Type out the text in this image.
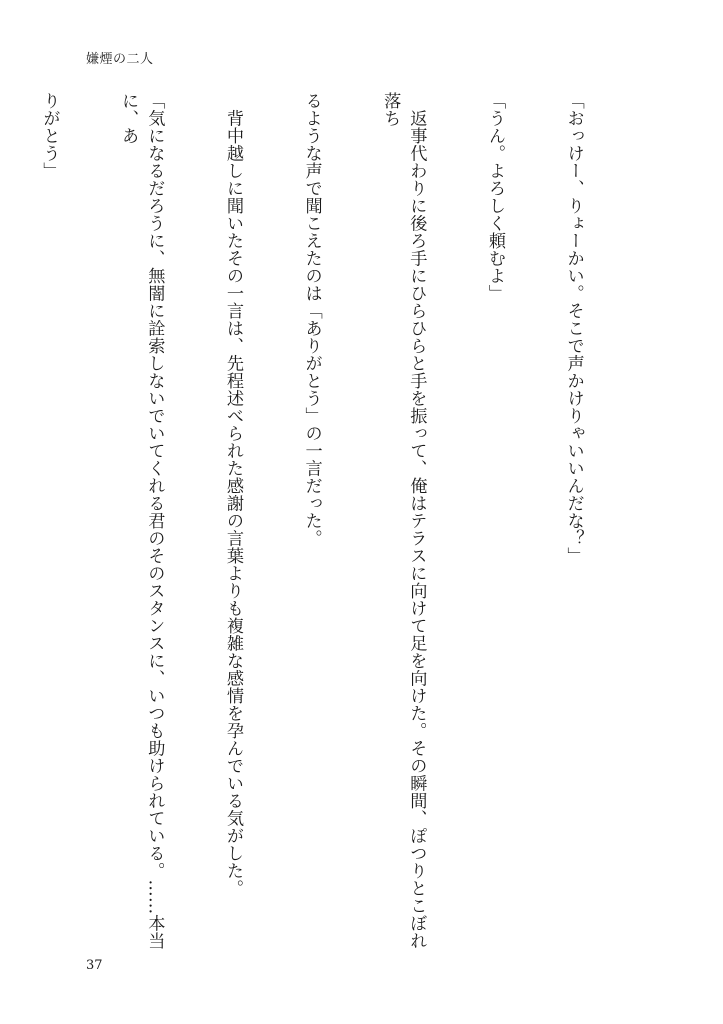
嫌煙の二人

「おっけー、りょーかい。そこで声かけりゃいいんだな？」

「うん。よろしく頼むよ」

　返事代わりに後ろ手にひらひらと手を振って、俺はテラスに向けて足を向けた。その瞬間、ぽつりとこぼれ落ち

るような声で聞こえたのは「ありがとう」の一言だった。

　背中越しに聞いたその一言は、先程述べられた感謝の言葉よりも複雑な感情を孕んでいる気がした。

「気になるだろうに、無闇に詮索しないでいてくれる君のそのスタンスに、いつも助けられている。……本当に、あ

りがとう」

37
